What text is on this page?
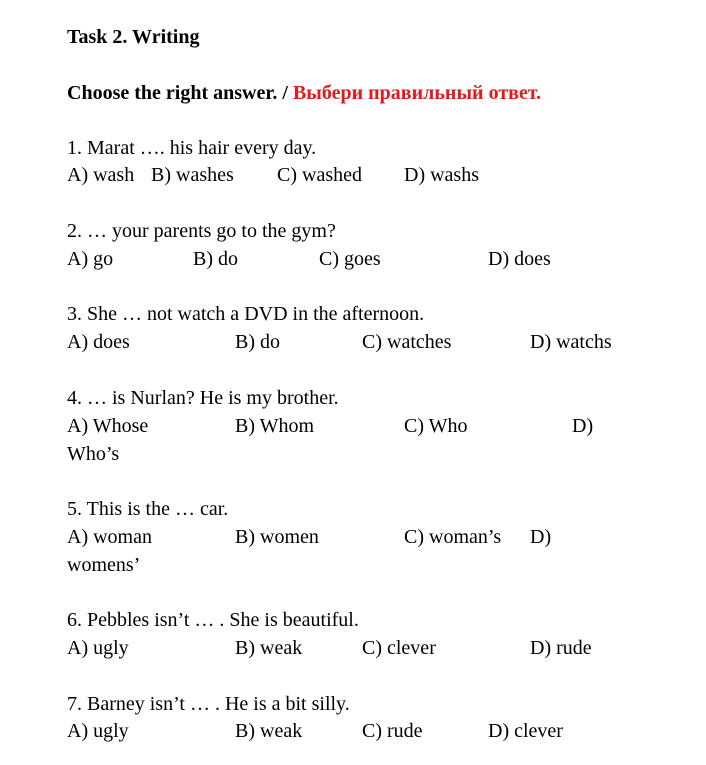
Task 2. Writing
Choose the right answer. / Выбери правильный ответ.
1. Marat …. his hair every day.
A) wash B) washes C) washed D) washs
2. … your parents go to the gym?
A) go	B) do	C) goes	D) does
3. She … not watch a DVD in the afternoon.
A) does	B) do	C) watches	D) watchs
4. … is Nurlan? He is my brother.
A) Whose	B) Whom	C) Who	D)
Who’s
5. This is the … car.
A) woman	B) women	C) woman’s D)
womens’
6. Pebbles isn’t … . She is beautiful.
A) ugly	B) weak	C) clever	D) rude
7. Barney isn’t … . He is a bit silly.
A) ugly	B) weak	C) rude	D) clever
